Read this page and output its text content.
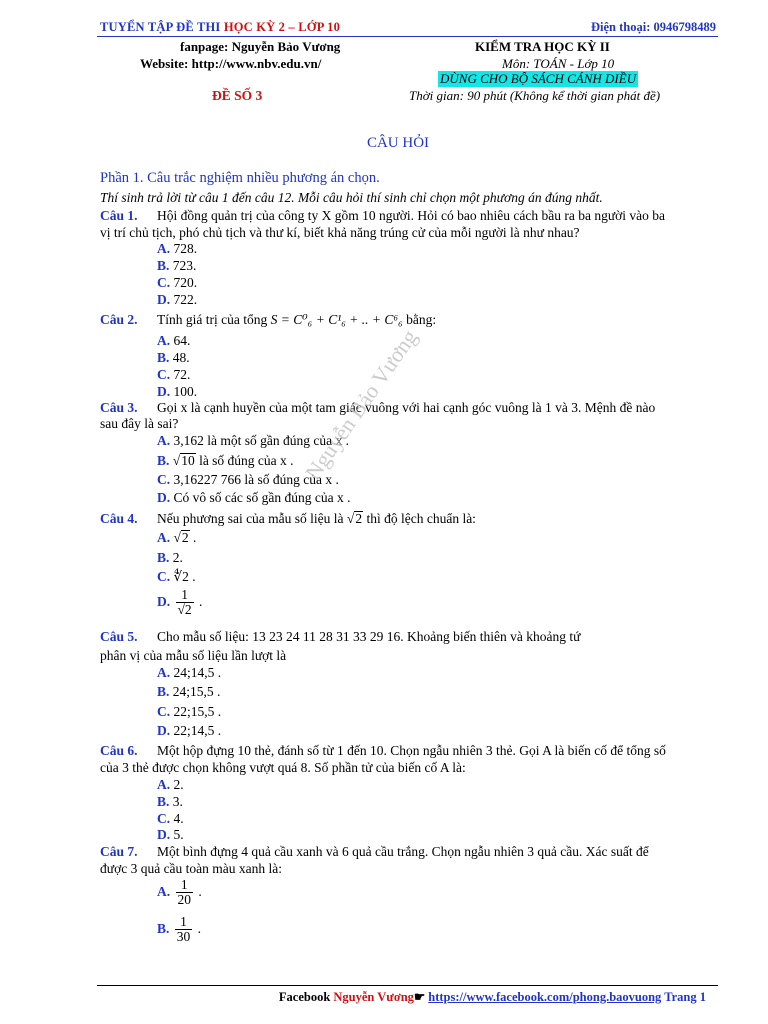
TUYỂN TẬP ĐỀ THI HỌC KỲ 2 – LỚP 10	Điện thoại: 0946798489
fanpage: Nguyễn Bảo Vương
Website: http://www.nbv.edu.vn/
KIỂM TRA HỌC KỲ II
Môn: TOÁN - Lớp 10
DÙNG CHO BỘ SÁCH CÁNH DIỀU
ĐỀ SỐ 3	Thời gian: 90 phút (Không kể thời gian phát đề)
CÂU HỎI
Phần 1. Câu trắc nghiệm nhiều phương án chọn.
Thí sinh trả lời từ câu 1 đến câu 12. Mỗi câu hỏi thí sinh chỉ chọn một phương án đúng nhất.
Câu 1. Hội đồng quản trị của công ty X gồm 10 người. Hỏi có bao nhiêu cách bầu ra ba người vào ba
vị trí chủ tịch, phó chủ tịch và thư kí, biết khả năng trúng cử của mỗi người là như nhau?
A. 728.
B. 723.
C. 720.
D. 722.
Câu 2. Tính giá trị của tổng S = C⁰₆ + C¹₆ + .. + C⁶₆ bằng:
A. 64.
B. 48.
C. 72.
D. 100.
Câu 3. Gọi x là cạnh huyền của một tam giác vuông với hai cạnh góc vuông là 1 và 3. Mệnh đề nào
sau đây là sai?
A. 3,162 là một số gần đúng của x .
B. √10 là số đúng của x .
C. 3,16227 766 là số đúng của x .
D. Có vô số các số gần đúng của x .
Câu 4. Nếu phương sai của mẫu số liệu là √2 thì độ lệch chuẩn là:
A. √2 .
B. 2.
C. ∜2 .
D. $\frac{1}{√2}$ .
Nguyễn Bảo Vương
Câu 5. Cho mẫu số liệu: 13 23 24 11 28 31 33 29 16. Khoảng biến thiên và khoảng tứ
phân vị của mẫu số liệu lần lượt là
A. 24;14,5 .
B. 24;15,5 .
C. 22;15,5 .
D. 22;14,5 .
Câu 6. Một hộp đựng 10 thẻ, đánh số từ 1 đến 10. Chọn ngẫu nhiên 3 thẻ. Gọi A là biến cố để tổng số
của 3 thẻ được chọn không vượt quá 8. Số phần tử của biến cố A là:
A. 2.
B. 3.
C. 4.
D. 5.
Câu 7. Một bình đựng 4 quả cầu xanh và 6 quả cầu trắng. Chọn ngẫu nhiên 3 quả cầu. Xác suất để
được 3 quả cầu toàn màu xanh là:
A. $\frac{1}{20}$ .
B. $\frac{1}{30}$ .
Facebook Nguyễn Vương☛ https://www.facebook.com/phong.baovuong Trang 1
